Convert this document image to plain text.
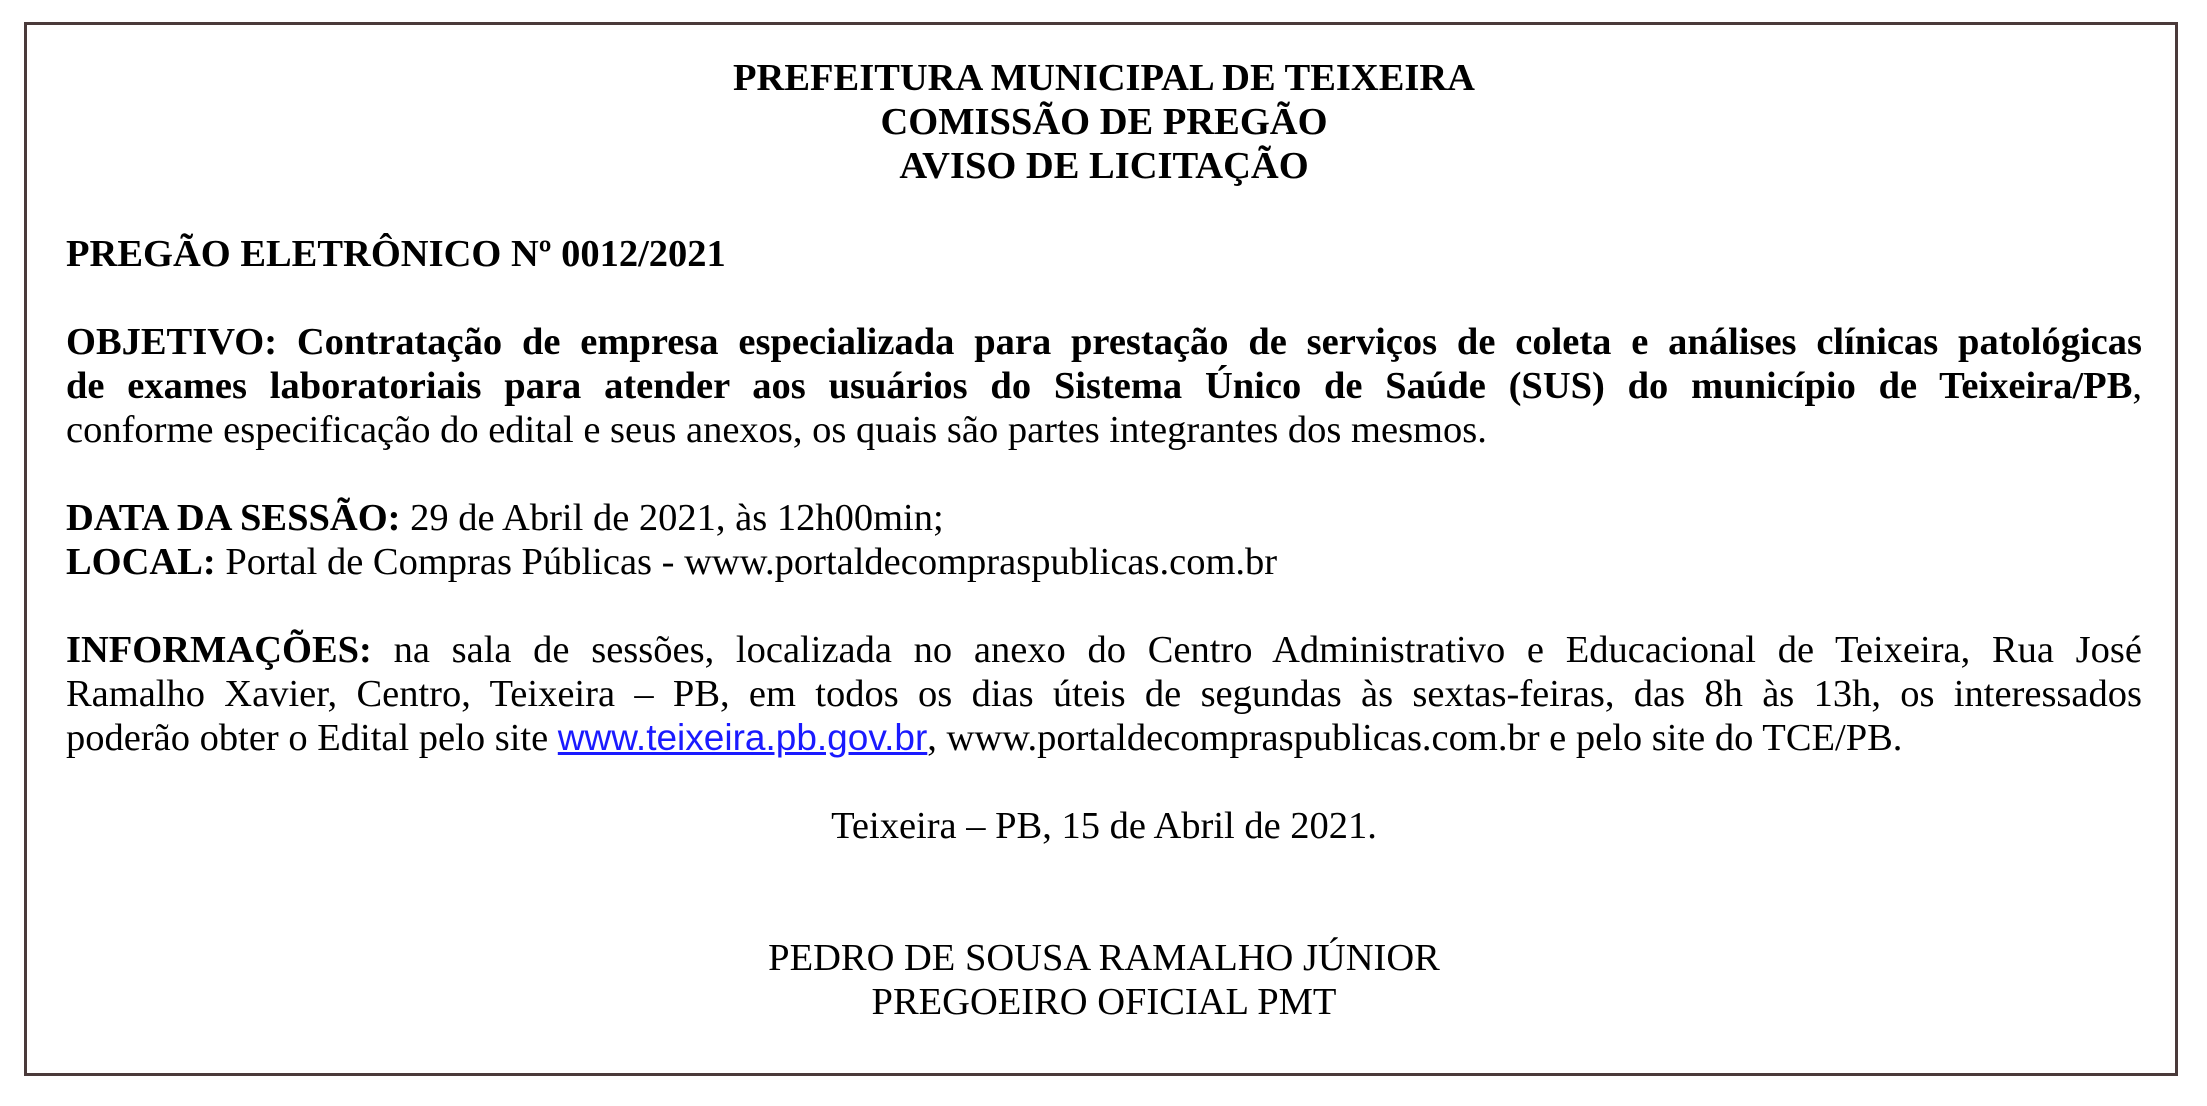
PREFEITURA MUNICIPAL DE TEIXEIRA
COMISSÃO DE PREGÃO
AVISO DE LICITAÇÃO
PREGÃO ELETRÔNICO Nº 0012/2021
OBJETIVO: Contratação de empresa especializada para prestação de serviços de coleta e análises clínicas patológicas
de exames laboratoriais para atender aos usuários do Sistema Único de Saúde (SUS) do município de Teixeira/PB,
conforme especificação do edital e seus anexos, os quais são partes integrantes dos mesmos.
DATA DA SESSÃO: 29 de Abril de 2021, às 12h00min;
LOCAL: Portal de Compras Públicas - www.portaldecompraspublicas.com.br
INFORMAÇÕES: na sala de sessões, localizada no anexo do Centro Administrativo e Educacional de Teixeira, Rua José
Ramalho Xavier, Centro, Teixeira – PB, em todos os dias úteis de segundas às sextas-feiras, das 8h às 13h, os interessados
poderão obter o Edital pelo site www.teixeira.pb.gov.br, www.portaldecompraspublicas.com.br e pelo site do TCE/PB.
Teixeira – PB, 15 de Abril de 2021.
PEDRO DE SOUSA RAMALHO JÚNIOR
PREGOEIRO OFICIAL PMT
